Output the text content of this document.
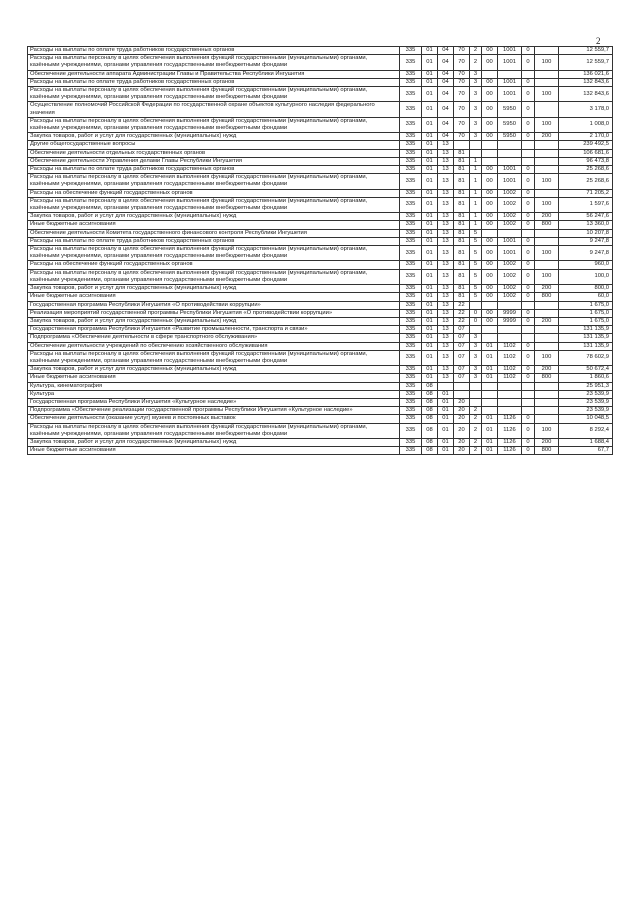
2
Расходы на выплаты по оплате труда работников государственных органов	335	01	04	70	2	00	1001	0		12 559,7
Расходы на выплаты персоналу в целях обеспечения выполнения функций государственными (муниципальными) органами, казёнными учреждениями, органами управления государственными внебюджетными фондами	335	01	04	70	2	00	1001	0	100	12 559,7
Обеспечение деятельности аппарата Администрации Главы и Правительства Республики Ингушетия	335	01	04	70	3					136 021,6
Расходы на выплаты по оплате труда работников государственных органов	335	01	04	70	3	00	1001	0		132 843,6
Расходы на выплаты персоналу в целях обеспечения выполнения функций государственными (муниципальными) органами, казёнными учреждениями, органами управления государственными внебюджетными фондами	335	01	04	70	3	00	1001	0	100	132 843,6
Осуществление полномочий Российской Федерации по государственной охране объектов культурного наследия федерального значения	335	01	04	70	3	00	5950	0		3 178,0
Расходы на выплаты персоналу в целях обеспечения выполнения функций государственными (муниципальными) органами, казёнными учреждениями, органами управления государственными внебюджетными фондами	335	01	04	70	3	00	5950	0	100	1 008,0
Закупка товаров, работ и услуг для государственных (муниципальных) нужд	335	01	04	70	3	00	5950	0	200	2 170,0
Другие общегосударственные вопросы	335	01	13							239 492,5
Обеспечение деятельности отдельных государственных органов	335	01	13	81						106 681,6
Обеспечение деятельности Управления делами Главы Республики Ингушетия	335	01	13	81	1					96 473,8
Расходы на выплаты по оплате труда работников государственных органов	335	01	13	81	1	00	1001	0		25 268,6
Расходы на выплаты персоналу в целях обеспечения выполнения функций государственными (муниципальными) органами, казёнными учреждениями, органами управления государственными внебюджетными фондами	335	01	13	81	1	00	1001	0	100	25 268,6
Расходы на обеспечение функций государственных органов	335	01	13	81	1	00	1002	0		71 205,2
Расходы на выплаты персоналу в целях обеспечения выполнения функций государственными (муниципальными) органами, казёнными учреждениями, органами управления государственными внебюджетными фондами	335	01	13	81	1	00	1002	0	100	1 597,6
Закупка товаров, работ и услуг для государственных (муниципальных) нужд	335	01	13	81	1	00	1002	0	200	56 247,6
Иные бюджетные ассигнования	335	01	13	81	1	00	1002	0	800	13 360,0
Обеспечение деятельности Комитета государственного финансового контроля Республики Ингушетия	335	01	13	81	5					10 207,8
Расходы на выплаты по оплате труда работников государственных органов	335	01	13	81	5	00	1001	0		9 247,8
Расходы на выплаты персоналу в целях обеспечения выполнения функций государственными (муниципальными) органами, казёнными учреждениями, органами управления государственными внебюджетными фондами	335	01	13	81	5	00	1001	0	100	9 247,8
Расходы на обеспечение функций государственных органов	335	01	13	81	5	00	1002	0		960,0
Расходы на выплаты персоналу в целях обеспечения выполнения функций государственными (муниципальными) органами, казёнными учреждениями, органами управления государственными внебюджетными фондами	335	01	13	81	5	00	1002	0	100	100,0
Закупка товаров, работ и услуг для государственных (муниципальных) нужд	335	01	13	81	5	00	1002	0	200	800,0
Иные бюджетные ассигнования	335	01	13	81	5	00	1002	0	800	60,0
Государственная программа Республики Ингушетия «О противодействии коррупции»	335	01	13	22						1 675,0
Реализация мероприятий государственной программы Республики Ингушетия «О противодействии коррупции»	335	01	13	22	0	00	9999	0		1 675,0
Закупка товаров, работ и услуг для государственных (муниципальных) нужд	335	01	13	22	0	00	9999	0	200	1 675,0
Государственная программа Республики Ингушетия «Развитие промышленности, транспорта и связи»	335	01	13	07						131 135,9
Подпрограмма «Обеспечение деятельности в сфере транспортного обслуживания»	335	01	13	07	3					131 135,9
Обеспечение деятельности учреждений по обеспечению хозяйственного обслуживания	335	01	13	07	3	01	1102	0		131 135,9
Расходы на выплаты персоналу в целях обеспечения выполнения функций государственными (муниципальными) органами, казёнными учреждениями, органами управления государственными внебюджетными фондами	335	01	13	07	3	01	1102	0	100	78 602,9
Закупка товаров, работ и услуг для государственных (муниципальных) нужд	335	01	13	07	3	01	1102	0	200	50 672,4
Иные бюджетные ассигнования	335	01	13	07	3	01	1102	0	800	1 860,6
Культура, кинематография	335	08								25 951,3
Культура	335	08	01							23 539,9
Государственная программа Республики Ингушетия «Культурное наследие»	335	08	01	20						23 539,9
Подпрограмма «Обеспечение реализации государственной программы Республики Ингушетия «Культурное наследие»	335	08	01	20	2					23 539,9
Обеспечение деятельности (оказание услуг) музеев и постоянных выставок	335	08	01	20	2	01	1126	0		10 048,5
Расходы на выплаты персоналу в целях обеспечения выполнения функций государственными (муниципальными) органами, казёнными учреждениями, органами управления государственными внебюджетными фондами	335	08	01	20	2	01	1126	0	100	8 292,4
Закупка товаров, работ и услуг для государственных (муниципальных) нужд	335	08	01	20	2	01	1126	0	200	1 688,4
Иные бюджетные ассигнования	335	08	01	20	2	01	1126	0	800	67,7
